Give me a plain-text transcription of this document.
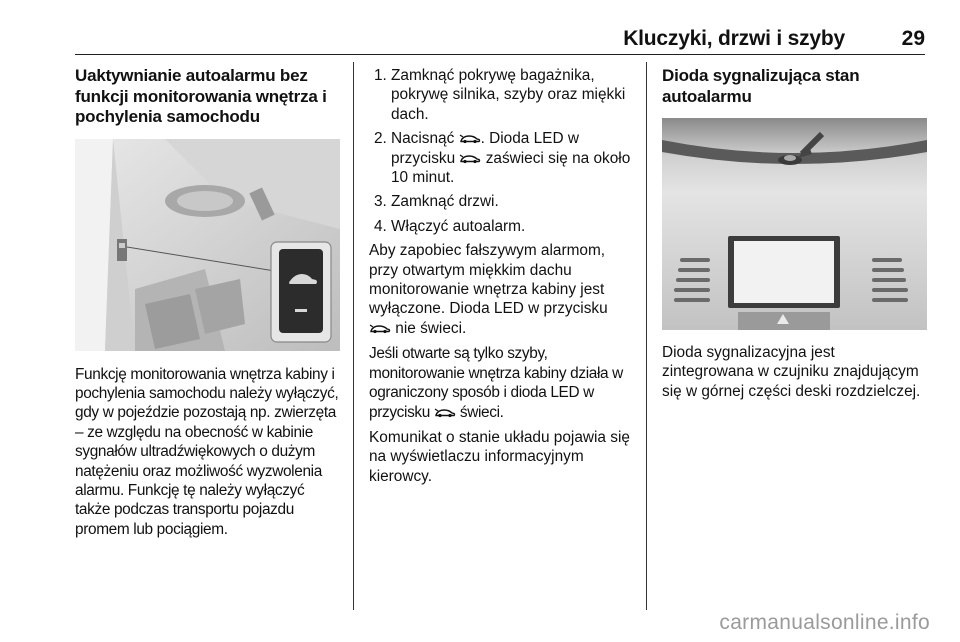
Kluczyki, drzwi i szyby	29
Uaktywnianie autoalarmu bez funkcji monitorowania wnętrza i pochylenia samochodu

Funkcję monitorowania wnętrza kabiny i pochylenia samochodu należy wyłączyć, gdy w pojeździe pozostają np. zwierzęta – ze względu na obecność w kabinie sygnałów ultradźwiękowych o dużym natężeniu oraz możliwość wyzwolenia alarmu. Funkcję tę należy wyłączyć także podczas transportu pojazdu promem lub pociągiem.

1. Zamknąć pokrywę bagażnika, pokrywę silnika, szyby oraz miękki dach.
2. Nacisnąć . Dioda LED w przycisku  zaświeci się na około 10 minut.
3. Zamknąć drzwi.
4. Włączyć autoalarm.

Aby zapobiec fałszywym alarmom, przy otwartym miękkim dachu monitorowanie wnętrza kabiny jest wyłączone. Dioda LED w przycisku  nie świeci.

Jeśli otwarte są tylko szyby, monitorowanie wnętrza kabiny działa w ograniczony sposób i dioda LED w przycisku  świeci.

Komunikat o stanie układu pojawia się na wyświetlaczu informacyjnym kierowcy.

Dioda sygnalizująca stan autoalarmu

Dioda sygnalizacyjna jest zintegrowana w czujniku znajdującym się w górnej części deski rozdzielczej.

carmanualsonline.info
